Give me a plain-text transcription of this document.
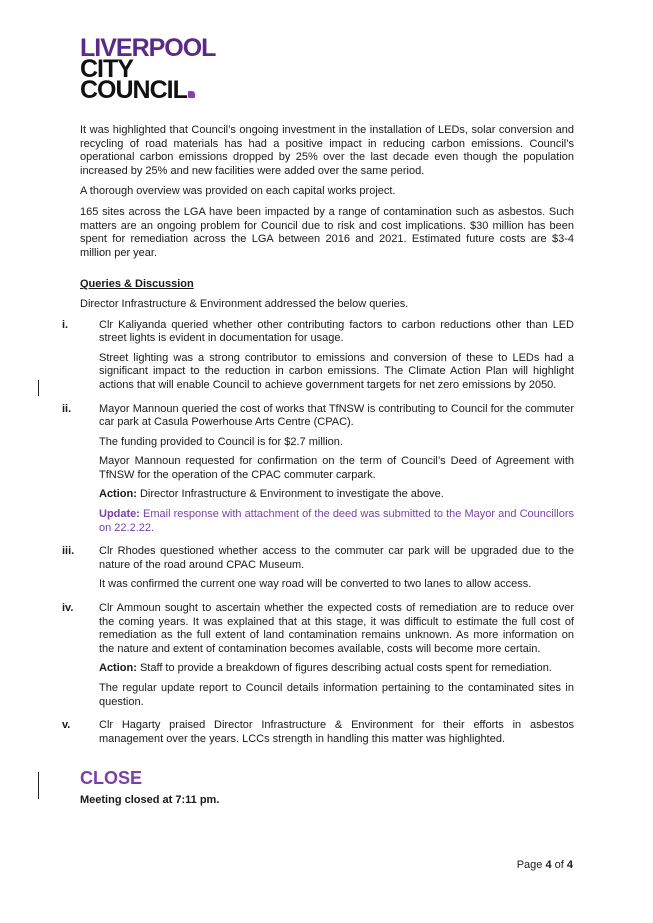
LIVERPOOL
CITY
COUNCIL

It was highlighted that Council’s ongoing investment in the installation of LEDs, solar conversion and recycling of road materials has had a positive impact in reducing carbon emissions. Council’s operational carbon emissions dropped by 25% over the last decade even though the population increased by 25% and new facilities were added over the same period.

A thorough overview was provided on each capital works project.

165 sites across the LGA have been impacted by a range of contamination such as asbestos. Such matters are an ongoing problem for Council due to risk and cost implications. $30 million has been spent for remediation across the LGA between 2016 and 2021. Estimated future costs are $3-4 million per year.

Queries & Discussion

Director Infrastructure & Environment addressed the below queries.

i.	Clr Kaliyanda queried whether other contributing factors to carbon reductions other than LED street lights is evident in documentation for usage.

Street lighting was a strong contributor to emissions and conversion of these to LEDs had a significant impact to the reduction in carbon emissions. The Climate Action Plan will highlight actions that will enable Council to achieve government targets for net zero emissions by 2050.

ii.	Mayor Mannoun queried the cost of works that TfNSW is contributing to Council for the commuter car park at Casula Powerhouse Arts Centre (CPAC).

The funding provided to Council is for $2.7 million.

Mayor Mannoun requested for confirmation on the term of Council’s Deed of Agreement with TfNSW for the operation of the CPAC commuter carpark.

Action: Director Infrastructure & Environment to investigate the above.

Update: Email response with attachment of the deed was submitted to the Mayor and Councillors on 22.2.22.

iii.	Clr Rhodes questioned whether access to the commuter car park will be upgraded due to the nature of the road around CPAC Museum.

It was confirmed the current one way road will be converted to two lanes to allow access.

iv.	Clr Ammoun sought to ascertain whether the expected costs of remediation are to reduce over the coming years. It was explained that at this stage, it was difficult to estimate the full cost of remediation as the full extent of land contamination remains unknown. As more information on the nature and extent of contamination becomes available, costs will become more certain.

Action: Staff to provide a breakdown of figures describing actual costs spent for remediation.

The regular update report to Council details information pertaining to the contaminated sites in question.

v.	Clr Hagarty praised Director Infrastructure & Environment for their efforts in asbestos management over the years. LCCs strength in handling this matter was highlighted.

CLOSE

Meeting closed at 7:11 pm.

Page 4 of 4
